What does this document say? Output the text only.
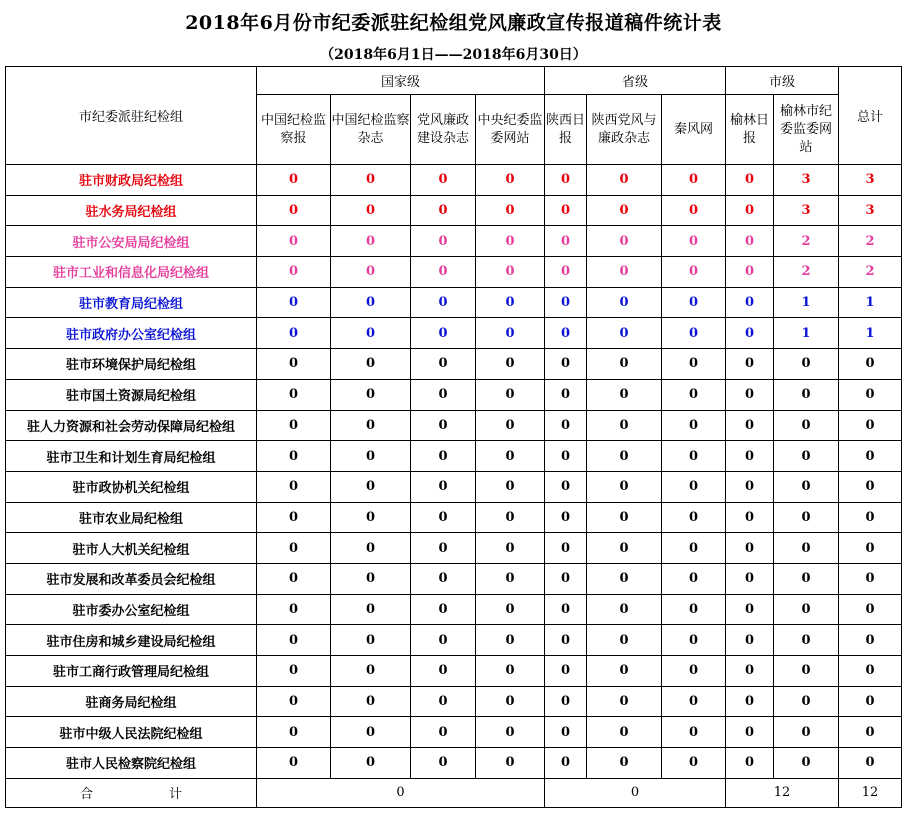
2018年6月份市纪委派驻纪检组党风廉政宣传报道稿件统计表
（2018年6月1日——2018年6月30日）
市纪委派驻纪检组	国家级				省级			市级		总计
	中国纪检监察报	中国纪检监察杂志	党风廉政建设杂志	中央纪委监委网站	陕西日报	陕西党风与廉政杂志	秦风网	榆林日报	榆林市纪委监委网站	
驻市财政局纪检组	0	0	0	0	0	0	0	0	3	3
驻水务局纪检组	0	0	0	0	0	0	0	0	3	3
驻市公安局局纪检组	0	0	0	0	0	0	0	0	2	2
驻市工业和信息化局纪检组	0	0	0	0	0	0	0	0	2	2
驻市教育局纪检组	0	0	0	0	0	0	0	0	1	1
驻市政府办公室纪检组	0	0	0	0	0	0	0	0	1	1
驻市环境保护局纪检组	0	0	0	0	0	0	0	0	0	0
驻市国土资源局纪检组	0	0	0	0	0	0	0	0	0	0
驻人力资源和社会劳动保障局纪检组	0	0	0	0	0	0	0	0	0	0
驻市卫生和计划生育局纪检组	0	0	0	0	0	0	0	0	0	0
驻市政协机关纪检组	0	0	0	0	0	0	0	0	0	0
驻市农业局纪检组	0	0	0	0	0	0	0	0	0	0
驻市人大机关纪检组	0	0	0	0	0	0	0	0	0	0
驻市发展和改革委员会纪检组	0	0	0	0	0	0	0	0	0	0
驻市委办公室纪检组	0	0	0	0	0	0	0	0	0	0
驻市住房和城乡建设局纪检组	0	0	0	0	0	0	0	0	0	0
驻市工商行政管理局纪检组	0	0	0	0	0	0	0	0	0	0
驻商务局纪检组	0	0	0	0	0	0	0	0	0	0
驻市中级人民法院纪检组	0	0	0	0	0	0	0	0	0	0
驻市人民检察院纪检组	0	0	0	0	0	0	0	0	0	0
合 计	0				0			12		12
